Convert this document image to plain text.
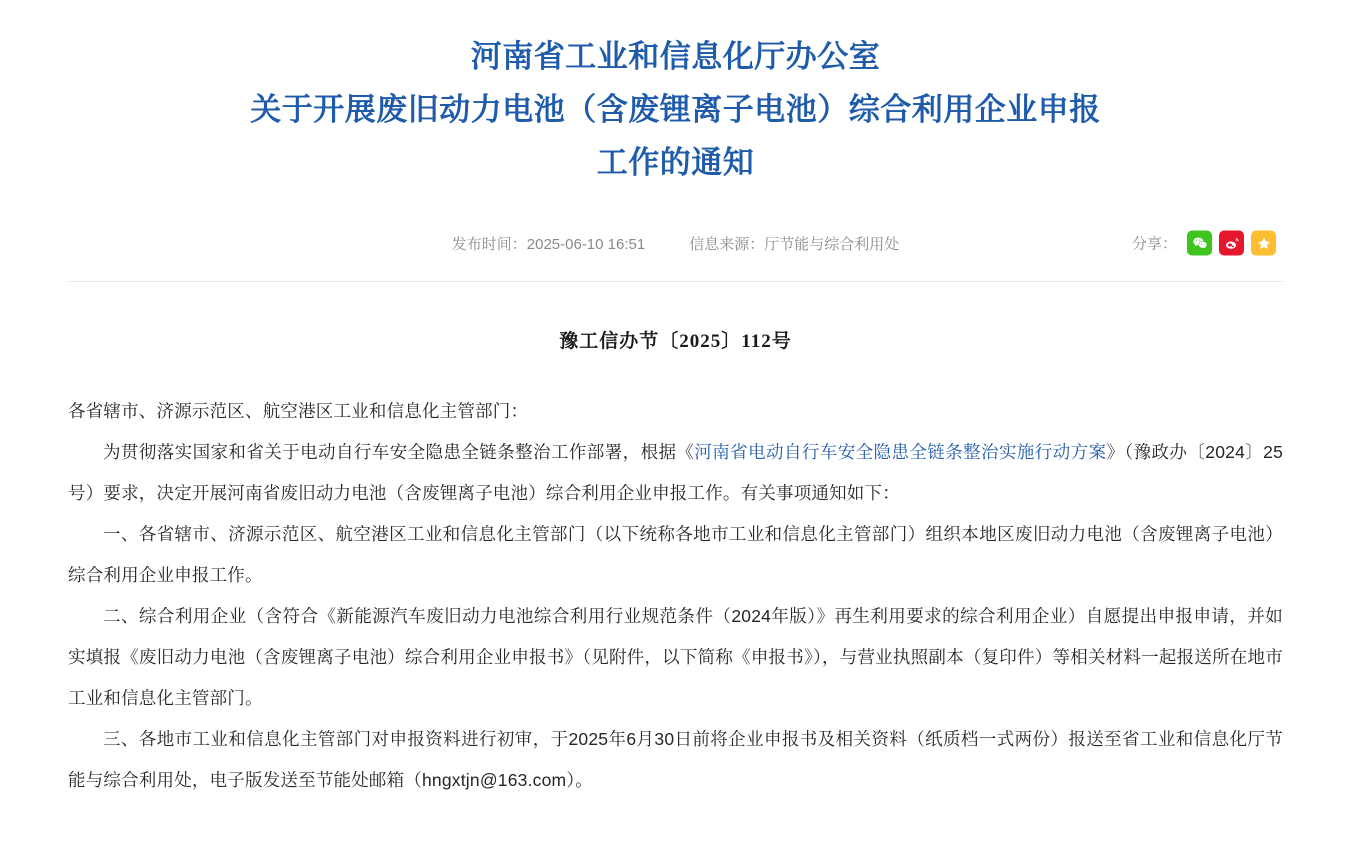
河南省工业和信息化厅办公室
关于开展废旧动力电池（含废锂离子电池）综合利用企业申报
工作的通知
发布时间：2025-06-10 16:51	信息来源：厅节能与综合利用处	分享：
豫工信办节〔2025〕112号

各省辖市、济源示范区、航空港区工业和信息化主管部门：

为贯彻落实国家和省关于电动自行车安全隐患全链条整治工作部署，根据《河南省电动自行车安全隐患全链条整治实施行动方案》（豫政办〔2024〕25号）要求，决定开展河南省废旧动力电池（含废锂离子电池）综合利用企业申报工作。有关事项通知如下：

一、各省辖市、济源示范区、航空港区工业和信息化主管部门（以下统称各地市工业和信息化主管部门）组织本地区废旧动力电池（含废锂离子电池）综合利用企业申报工作。

二、综合利用企业（含符合《新能源汽车废旧动力电池综合利用行业规范条件（2024年版）》再生利用要求的综合利用企业）自愿提出申报申请，并如实填报《废旧动力电池（含废锂离子电池）综合利用企业申报书》（见附件，以下简称《申报书》），与营业执照副本（复印件）等相关材料一起报送所在地市工业和信息化主管部门。

三、各地市工业和信息化主管部门对申报资料进行初审，于2025年6月30日前将企业申报书及相关资料（纸质档一式两份）报送至省工业和信息化厅节能与综合利用处，电子版发送至节能处邮箱（hngxtjn@163.com）。
